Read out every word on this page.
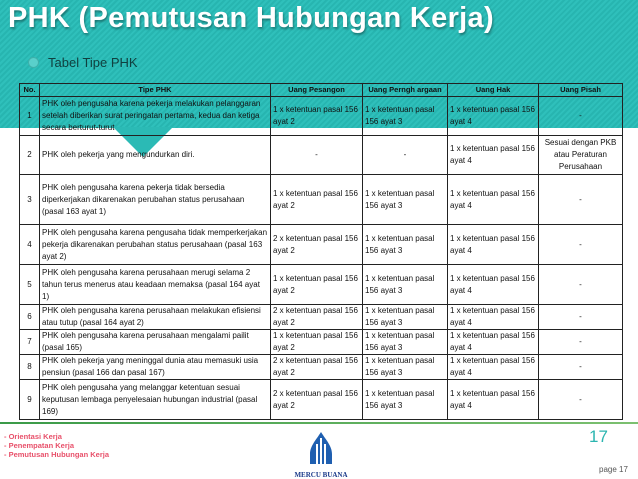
PHK (Pemutusan Hubungan Kerja)
Tabel Tipe PHK
No.	Tipe PHK	Uang Pesangon	Uang Perngh argaan	Uang Hak	Uang Pisah
1	PHK oleh pengusaha karena pekerja melakukan pelanggaran setelah diberikan surat peringatan pertama, kedua dan ketiga secara berturut-turut	1 x ketentuan pasal 156 ayat 2	1 x ketentuan pasal 156 ayat 3	1 x ketentuan pasal 156 ayat 4	-
2	PHK oleh pekerja yang mengundurkan diri.	-	-	1 x ketentuan pasal 156 ayat 4	Sesuai dengan PKB atau Peraturan Perusahaan
3	PHK oleh pengusaha karena pekerja tidak bersedia diperkerjakan dikarenakan perubahan status perusahaan (pasal 163 ayat 1)	1 x ketentuan pasal 156 ayat 2	1 x ketentuan pasal 156 ayat 3	1 x ketentuan pasal 156 ayat 4	-
4	PHK oleh pengusaha karena pengusaha tidak memperkerjakan pekerja dikarenakan perubahan status perusahaan (pasal 163 ayat 2)	2 x ketentuan pasal 156 ayat 2	1 x ketentuan pasal 156 ayat 3	1 x ketentuan pasal 156 ayat 4	-
5	PHK oleh pengusaha karena perusahaan merugi selama 2 tahun terus menerus atau keadaan memaksa (pasal 164 ayat 1)	1 x ketentuan pasal 156 ayat 2	1 x ketentuan pasal 156 ayat 3	1 x ketentuan pasal 156 ayat 4	-
6	PHK oleh pengusaha karena perusahaan melakukan efisiensi atau tutup (pasal 164 ayat 2)	2 x ketentuan pasal 156 ayat 2	1 x ketentuan pasal 156 ayat 3	1 x ketentuan pasal 156 ayat 4	-
7	PHK oleh pengusaha karena perusahaan mengalami pailit (pasal 165)	1 x ketentuan pasal 156 ayat 2	1 x ketentuan pasal 156 ayat 3	1 x ketentuan pasal 156 ayat 4	-
8	PHK oleh pekerja yang meninggal dunia atau memasuki usia pensiun (pasal 166 dan pasal 167)	2 x ketentuan pasal 156 ayat 2	1 x ketentuan pasal 156 ayat 3	1 x ketentuan pasal 156 ayat 4	-
9	PHK oleh pengusaha yang melanggar ketentuan sesuai keputusan lembaga penyelesaian hubungan industrial (pasal 169)	2 x ketentuan pasal 156 ayat 2	1 x ketentuan pasal 156 ayat 3	1 x ketentuan pasal 156 ayat 4	-
- Orientasi Kerja
- Penempatan Kerja
- Pemutusan Hubungan Kerja
MERCU BUANA
17
page 17
